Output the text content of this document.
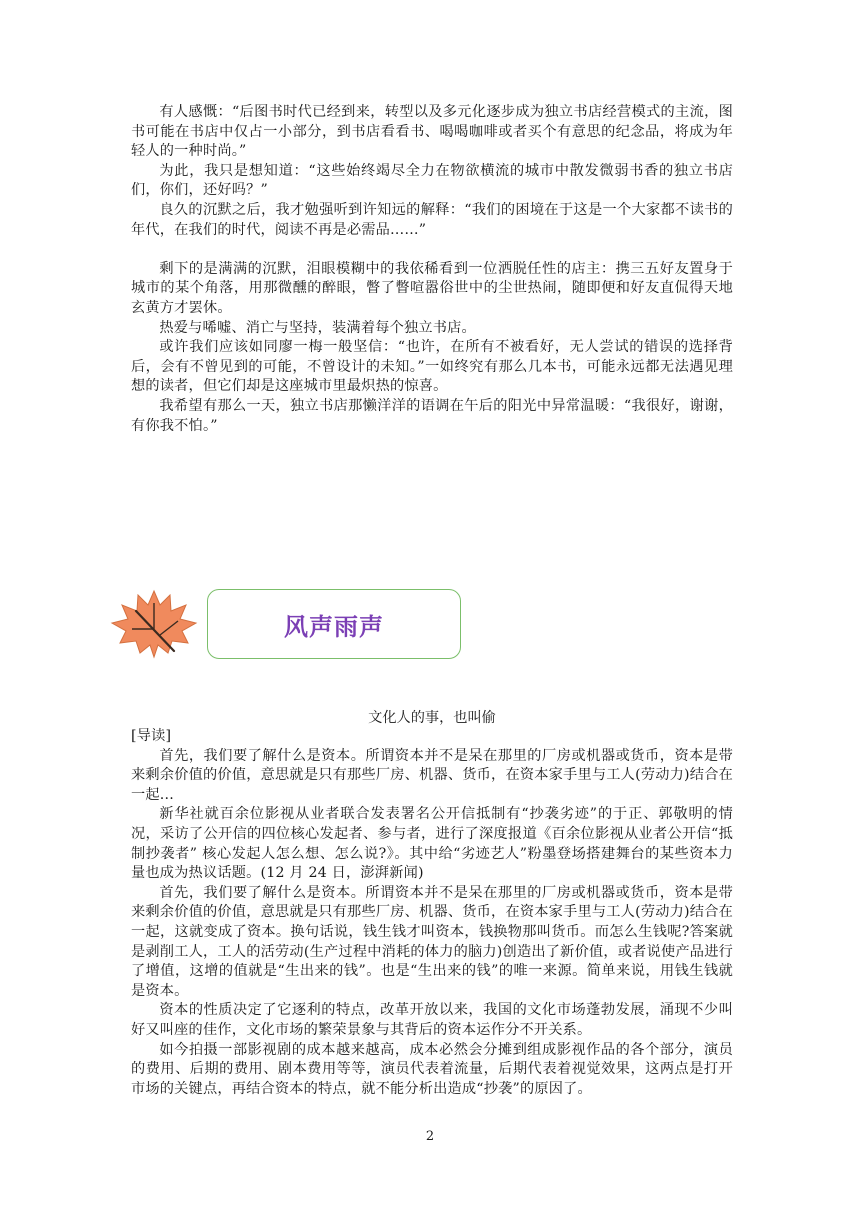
有人感慨：“后图书时代已经到来，转型以及多元化逐步成为独立书店经营模式的主流，图书可能在书店中仅占一小部分，到书店看看书、喝喝咖啡或者买个有意思的纪念品，将成为年轻人的一种时尚。”

为此，我只是想知道：“这些始终竭尽全力在物欲横流的城市中散发微弱书香的独立书店们，你们，还好吗？”

良久的沉默之后，我才勉强听到许知远的解释：“我们的困境在于这是一个大家都不读书的年代，在我们的时代，阅读不再是必需品……”

剩下的是满满的沉默，泪眼模糊中的我依稀看到一位洒脱任性的店主：携三五好友置身于城市的某个角落，用那微醺的醉眼，瞥了瞥喧嚣俗世中的尘世热闹，随即便和好友直侃得天地玄黄方才罢休。

热爱与唏嘘、消亡与坚持，装满着每个独立书店。

或许我们应该如同廖一梅一般坚信：“也许，在所有不被看好，无人尝试的错误的选择背后，会有不曾见到的可能，不曾设计的未知。”一如终究有那么几本书，可能永远都无法遇见理想的读者，但它们却是这座城市里最炽热的惊喜。

我希望有那么一天，独立书店那懒洋洋的语调在午后的阳光中异常温暖：“我很好，谢谢，有你我不怕。”

风声雨声
文化人的事，也叫偷

[导读]

首先，我们要了解什么是资本。所谓资本并不是呆在那里的厂房或机器或货币，资本是带来剩余价值的价值，意思就是只有那些厂房、机器、货币，在资本家手里与工人(劳动力)结合在一起...

新华社就百余位影视从业者联合发表署名公开信抵制有“抄袭劣迹”的于正、郭敬明的情况，采访了公开信的四位核心发起者、参与者，进行了深度报道《百余位影视从业者公开信“抵制抄袭者” 核心发起人怎么想、怎么说?》。其中给“劣迹艺人”粉墨登场搭建舞台的某些资本力量也成为热议话题。(12 月 24 日，澎湃新闻)

首先，我们要了解什么是资本。所谓资本并不是呆在那里的厂房或机器或货币，资本是带来剩余价值的价值，意思就是只有那些厂房、机器、货币，在资本家手里与工人(劳动力)结合在一起，这就变成了资本。换句话说，钱生钱才叫资本，钱换物那叫货币。而怎么生钱呢?答案就是剥削工人，工人的活劳动(生产过程中消耗的体力的脑力)创造出了新价值，或者说使产品进行了增值，这增的值就是“生出来的钱”。也是“生出来的钱”的唯一来源。简单来说，用钱生钱就是资本。

资本的性质决定了它逐利的特点，改革开放以来，我国的文化市场蓬勃发展，涌现不少叫好又叫座的佳作，文化市场的繁荣景象与其背后的资本运作分不开关系。

如今拍摄一部影视剧的成本越来越高，成本必然会分摊到组成影视作品的各个部分，演员的费用、后期的费用、剧本费用等等，演员代表着流量，后期代表着视觉效果，这两点是打开市场的关键点，再结合资本的特点，就不能分析出造成“抄袭”的原因了。

2
